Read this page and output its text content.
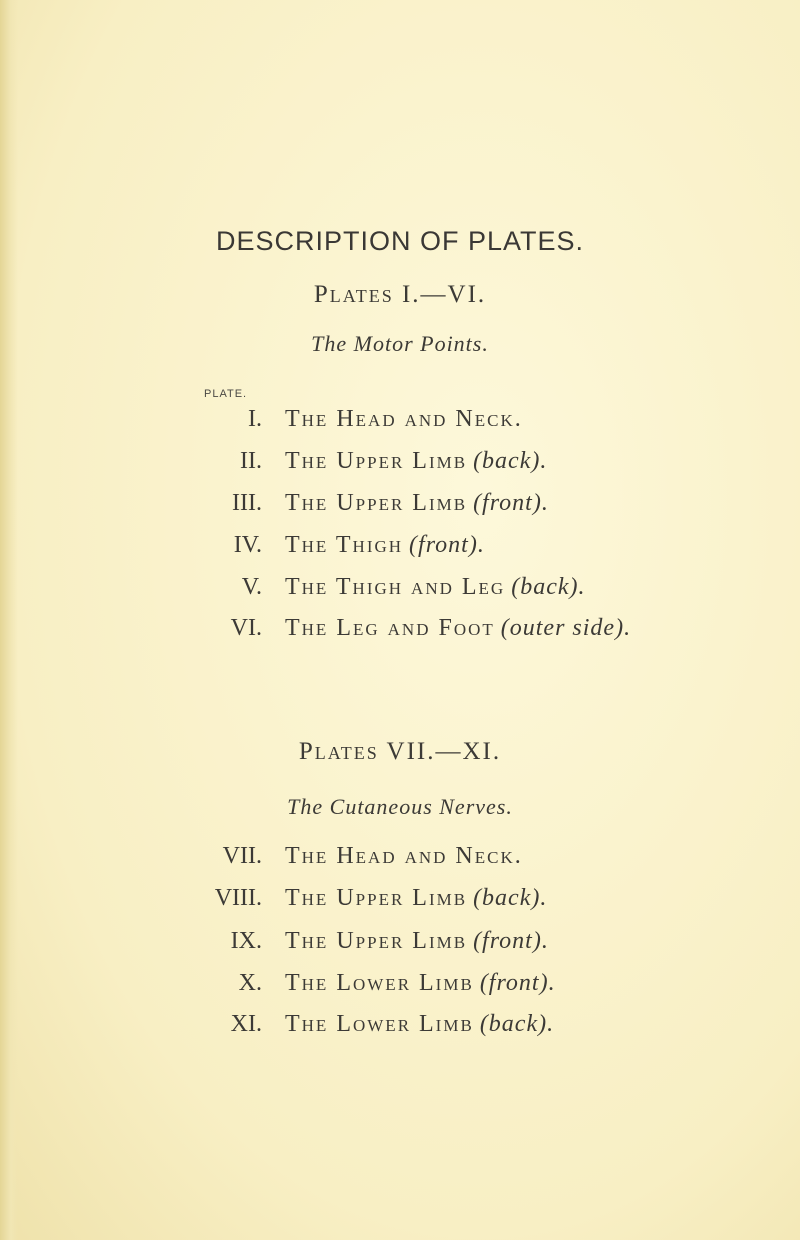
DESCRIPTION OF PLATES.
Plates I.—VI.
The Motor Points.
PLATE.
I. The Head and Neck.
II. The Upper Limb (back).
III. The Upper Limb (front).
IV. The Thigh (front).
V. The Thigh and Leg (back).
VI. The Leg and Foot (outer side).
Plates VII.—XI.
The Cutaneous Nerves.
VII. The Head and Neck.
VIII. The Upper Limb (back).
IX. The Upper Limb (front).
X. The Lower Limb (front).
XI. The Lower Limb (back).
